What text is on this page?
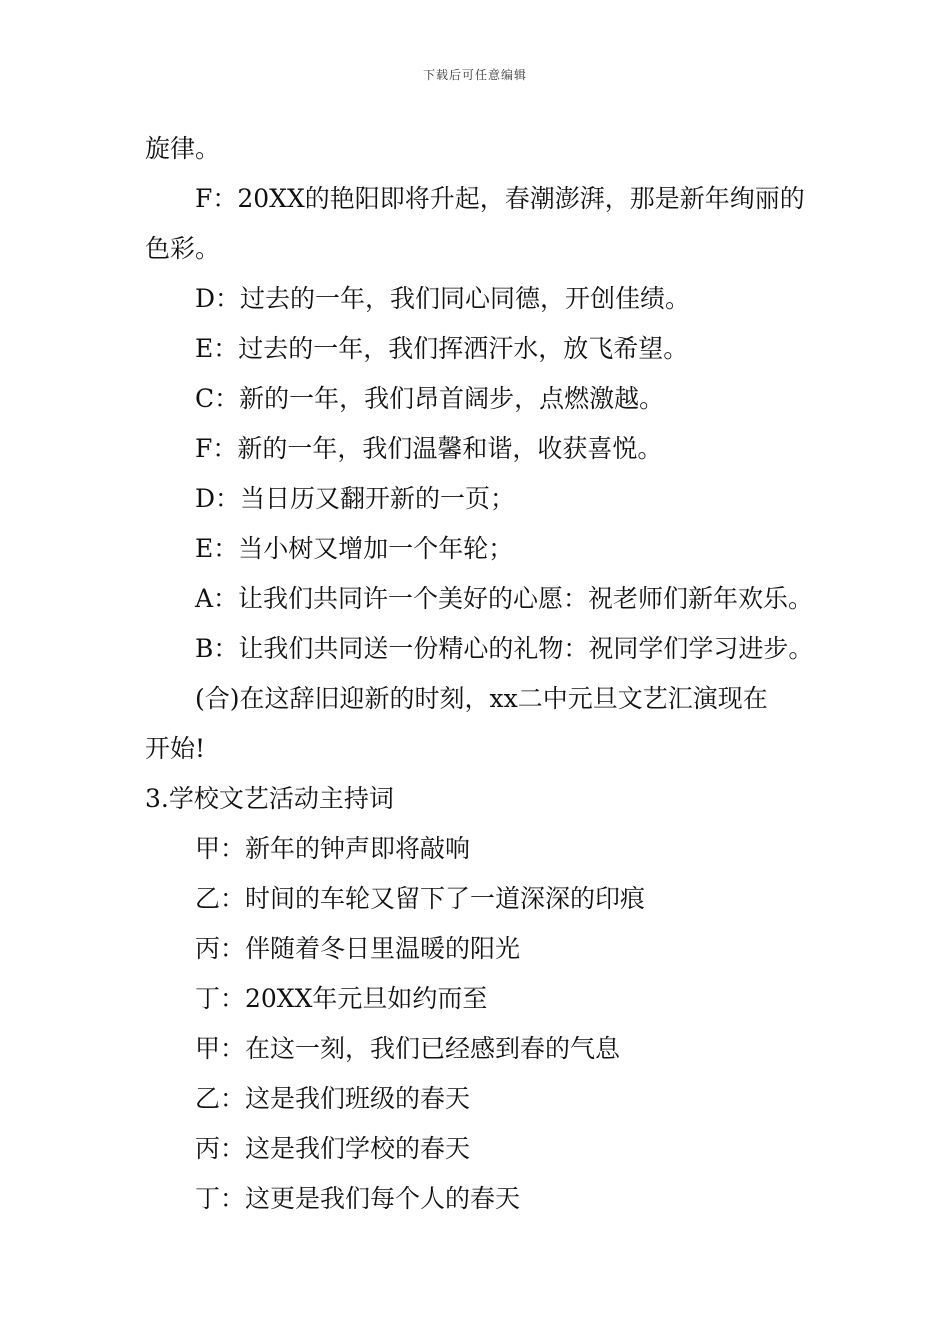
下载后可任意编辑
旋律。
F：20XX的艳阳即将升起，春潮澎湃，那是新年绚丽的
色彩。
D：过去的一年，我们同心同德，开创佳绩。
E：过去的一年，我们挥洒汗水，放飞希望。
C：新的一年，我们昂首阔步，点燃激越。
F：新的一年，我们温馨和谐，收获喜悦。
D：当日历又翻开新的一页；
E：当小树又增加一个年轮；
A：让我们共同许一个美好的心愿：祝老师们新年欢乐。
B：让我们共同送一份精心的礼物：祝同学们学习进步。
(合)在这辞旧迎新的时刻，xx二中元旦文艺汇演现在
开始!
3.学校文艺活动主持词
甲：新年的钟声即将敲响
乙：时间的车轮又留下了一道深深的印痕
丙：伴随着冬日里温暖的阳光
丁：20XX年元旦如约而至
甲：在这一刻，我们已经感到春的气息
乙：这是我们班级的春天
丙：这是我们学校的春天
丁：这更是我们每个人的春天
